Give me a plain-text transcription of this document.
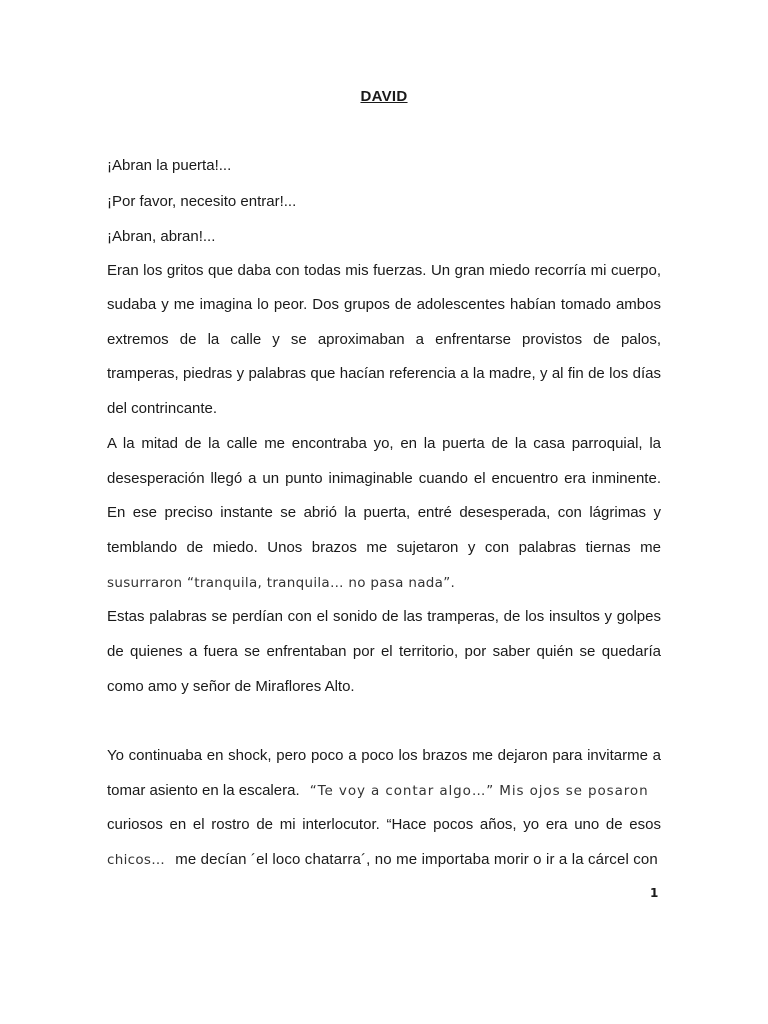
DAVID
¡Abran la puerta!...
¡Por favor, necesito entrar!...
¡Abran, abran!...
Eran los gritos que daba con todas mis fuerzas. Un gran miedo recorría mi cuerpo,
sudaba y me imagina lo peor. Dos grupos de adolescentes habían tomado ambos
extremos de la calle y se aproximaban a enfrentarse provistos de palos,
tramperas, piedras y palabras que hacían referencia a la madre, y al fin de los días
del contrincante.
A la mitad de la calle me encontraba yo, en la puerta de la casa parroquial, la
desesperación llegó a un punto inimaginable cuando el encuentro era inminente.
En ese preciso instante se abrió la puerta, entré desesperada, con lágrimas y
temblando de miedo. Unos brazos me sujetaron y con palabras tiernas me
susurraron “tranquila, tranquila… no pasa nada”.
Estas palabras se perdían con el sonido de las tramperas, de los insultos y golpes
de quienes a fuera se enfrentaban por el territorio, por saber quién se quedaría
como amo y señor de Miraflores Alto.
Yo continuaba en shock, pero poco a poco los brazos me dejaron para invitarme a
tomar asiento en la escalera. “Te voy a contar algo…” Mis ojos se posaron
curiosos en el rostro de mi interlocutor. “Hace pocos años, yo era uno de esos
chicos… me decían ´el loco chatarra´, no me importaba morir o ir a la cárcel con
1
